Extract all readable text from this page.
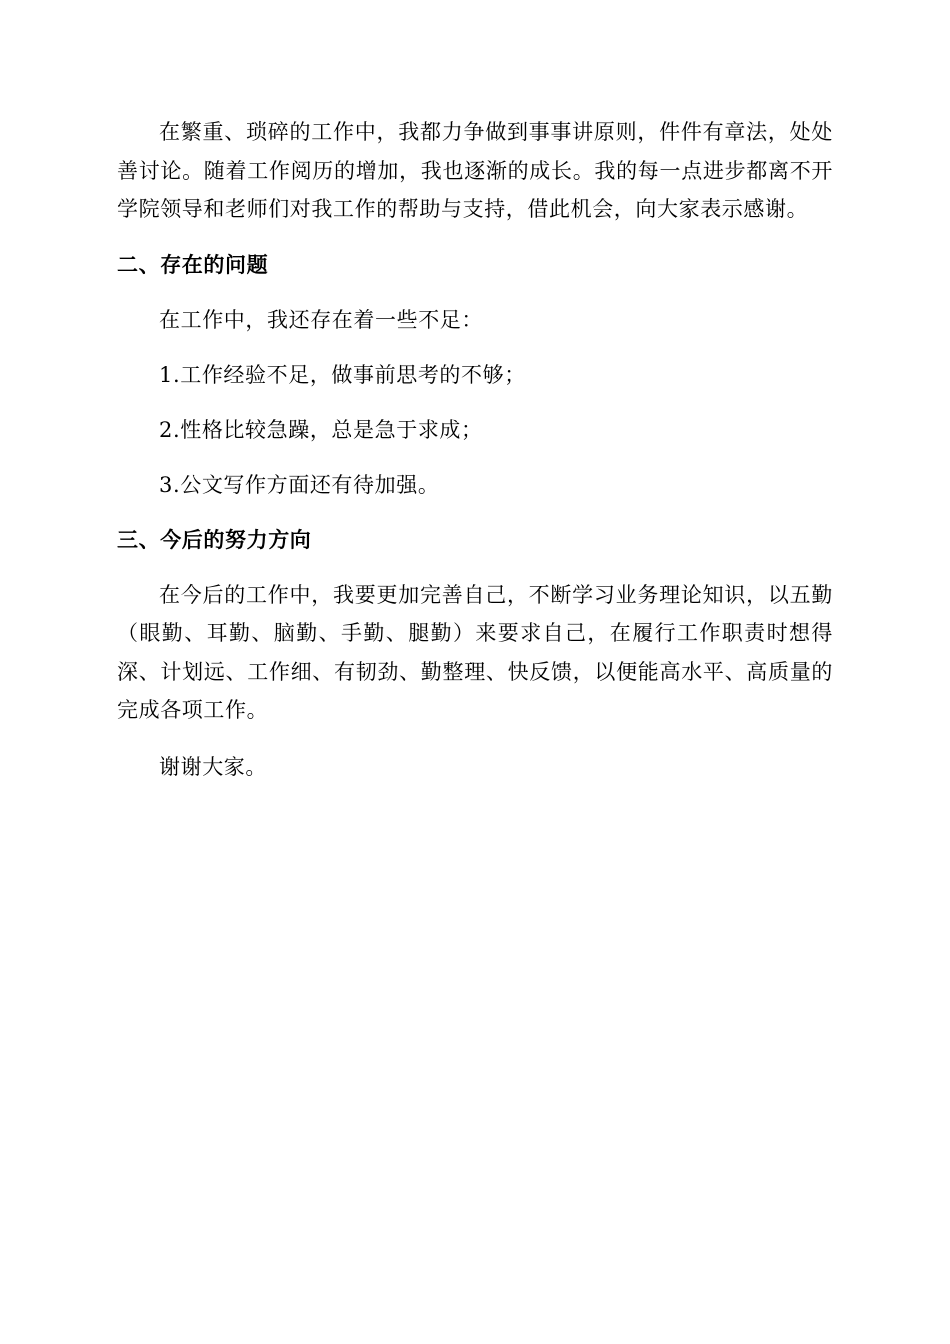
在繁重、琐碎的工作中，我都力争做到事事讲原则，件件有章法，处处善讨论。随着工作阅历的增加，我也逐渐的成长。我的每一点进步都离不开学院领导和老师们对我工作的帮助与支持，借此机会，向大家表示感谢。

二、存在的问题

在工作中，我还存在着一些不足：

1.工作经验不足，做事前思考的不够；

2.性格比较急躁，总是急于求成；

3.公文写作方面还有待加强。

三、今后的努力方向

在今后的工作中，我要更加完善自己，不断学习业务理论知识，以五勤（眼勤、耳勤、脑勤、手勤、腿勤）来要求自己，在履行工作职责时想得深、计划远、工作细、有韧劲、勤整理、快反馈，以便能高水平、高质量的完成各项工作。

谢谢大家。
